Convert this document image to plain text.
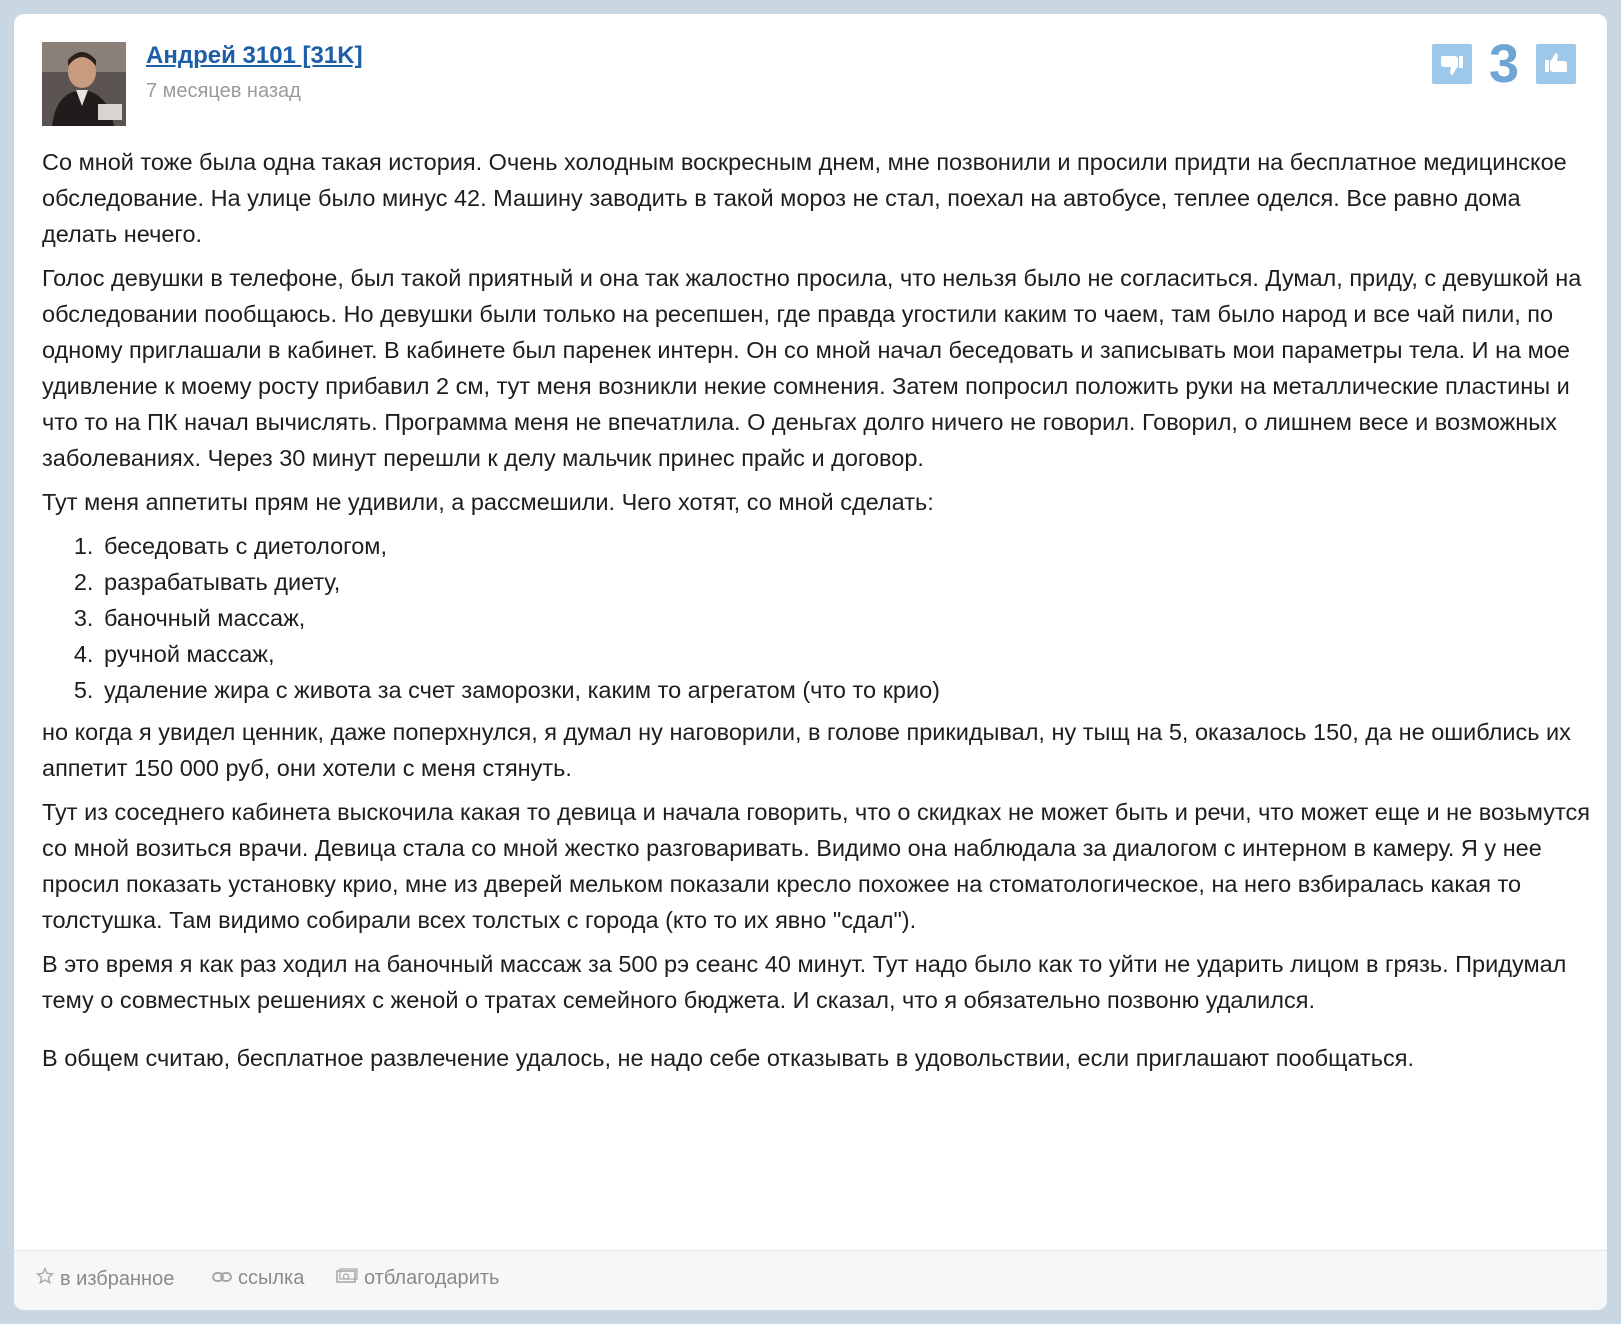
Андрей 3101 [31K]
7 месяцев назад	3

Со мной тоже была одна такая история. Очень холодным воскресным днем, мне позвонили и просили придти на бесплатное медицинское обследование. На улице было минус 42. Машину заводить в такой мороз не стал, поехал на автобусе, теплее оделся. Все равно дома делать нечего.

Голос девушки в телефоне, был такой приятный и она так жалостно просила, что нельзя было не согласиться. Думал, приду, с девушкой на обследовании пообщаюсь. Но девушки были только на ресепшен, где правда угостили каким то чаем, там было народ и все чай пили, по одному приглашали в кабинет. В кабинете был паренек интерн. Он со мной начал беседовать и записывать мои параметры тела. И на мое удивление к моему росту прибавил 2 см, тут меня возникли некие сомнения. Затем попросил положить руки на металлические пластины и что то на ПК начал вычислять. Программа меня не впечатлила. О деньгах долго ничего не говорил. Говорил, о лишнем весе и возможных заболеваниях. Через 30 минут перешли к делу мальчик принес прайс и договор.

Тут меня аппетиты прям не удивили, а рассмешили. Чего хотят, со мной сделать:

1. беседовать с диетологом,
2. разрабатывать диету,
3. баночный массаж,
4. ручной массаж,
5. удаление жира с живота за счет заморозки, каким то агрегатом (что то крио)

но когда я увидел ценник, даже поперхнулся, я думал ну наговорили, в голове прикидывал, ну тыщ на 5, оказалось 150, да не ошиблись их аппетит 150 000 руб, они хотели с меня стянуть.

Тут из соседнего кабинета выскочила какая то девица и начала говорить, что о скидках не может быть и речи, что может еще и не возьмутся со мной возиться врачи. Девица стала со мной жестко разговаривать. Видимо она наблюдала за диалогом с интерном в камеру. Я у нее просил показать установку крио, мне из дверей мельком показали кресло похожее на стоматологическое, на него взбиралась какая то толстушка. Там видимо собирали всех толстых с города (кто то их явно "сдал").

В это время я как раз ходил на баночный массаж за 500 рэ сеанс 40 минут. Тут надо было как то уйти не ударить лицом в грязь. Придумал тему о совместных решениях с женой о тратах семейного бюджета. И сказал, что я обязательно позвоню удалился.

В общем считаю, бесплатное развлечение удалось, не надо себе отказывать в удовольствии, если приглашают пообщаться.

в избранное	ссылка	отблагодарить
